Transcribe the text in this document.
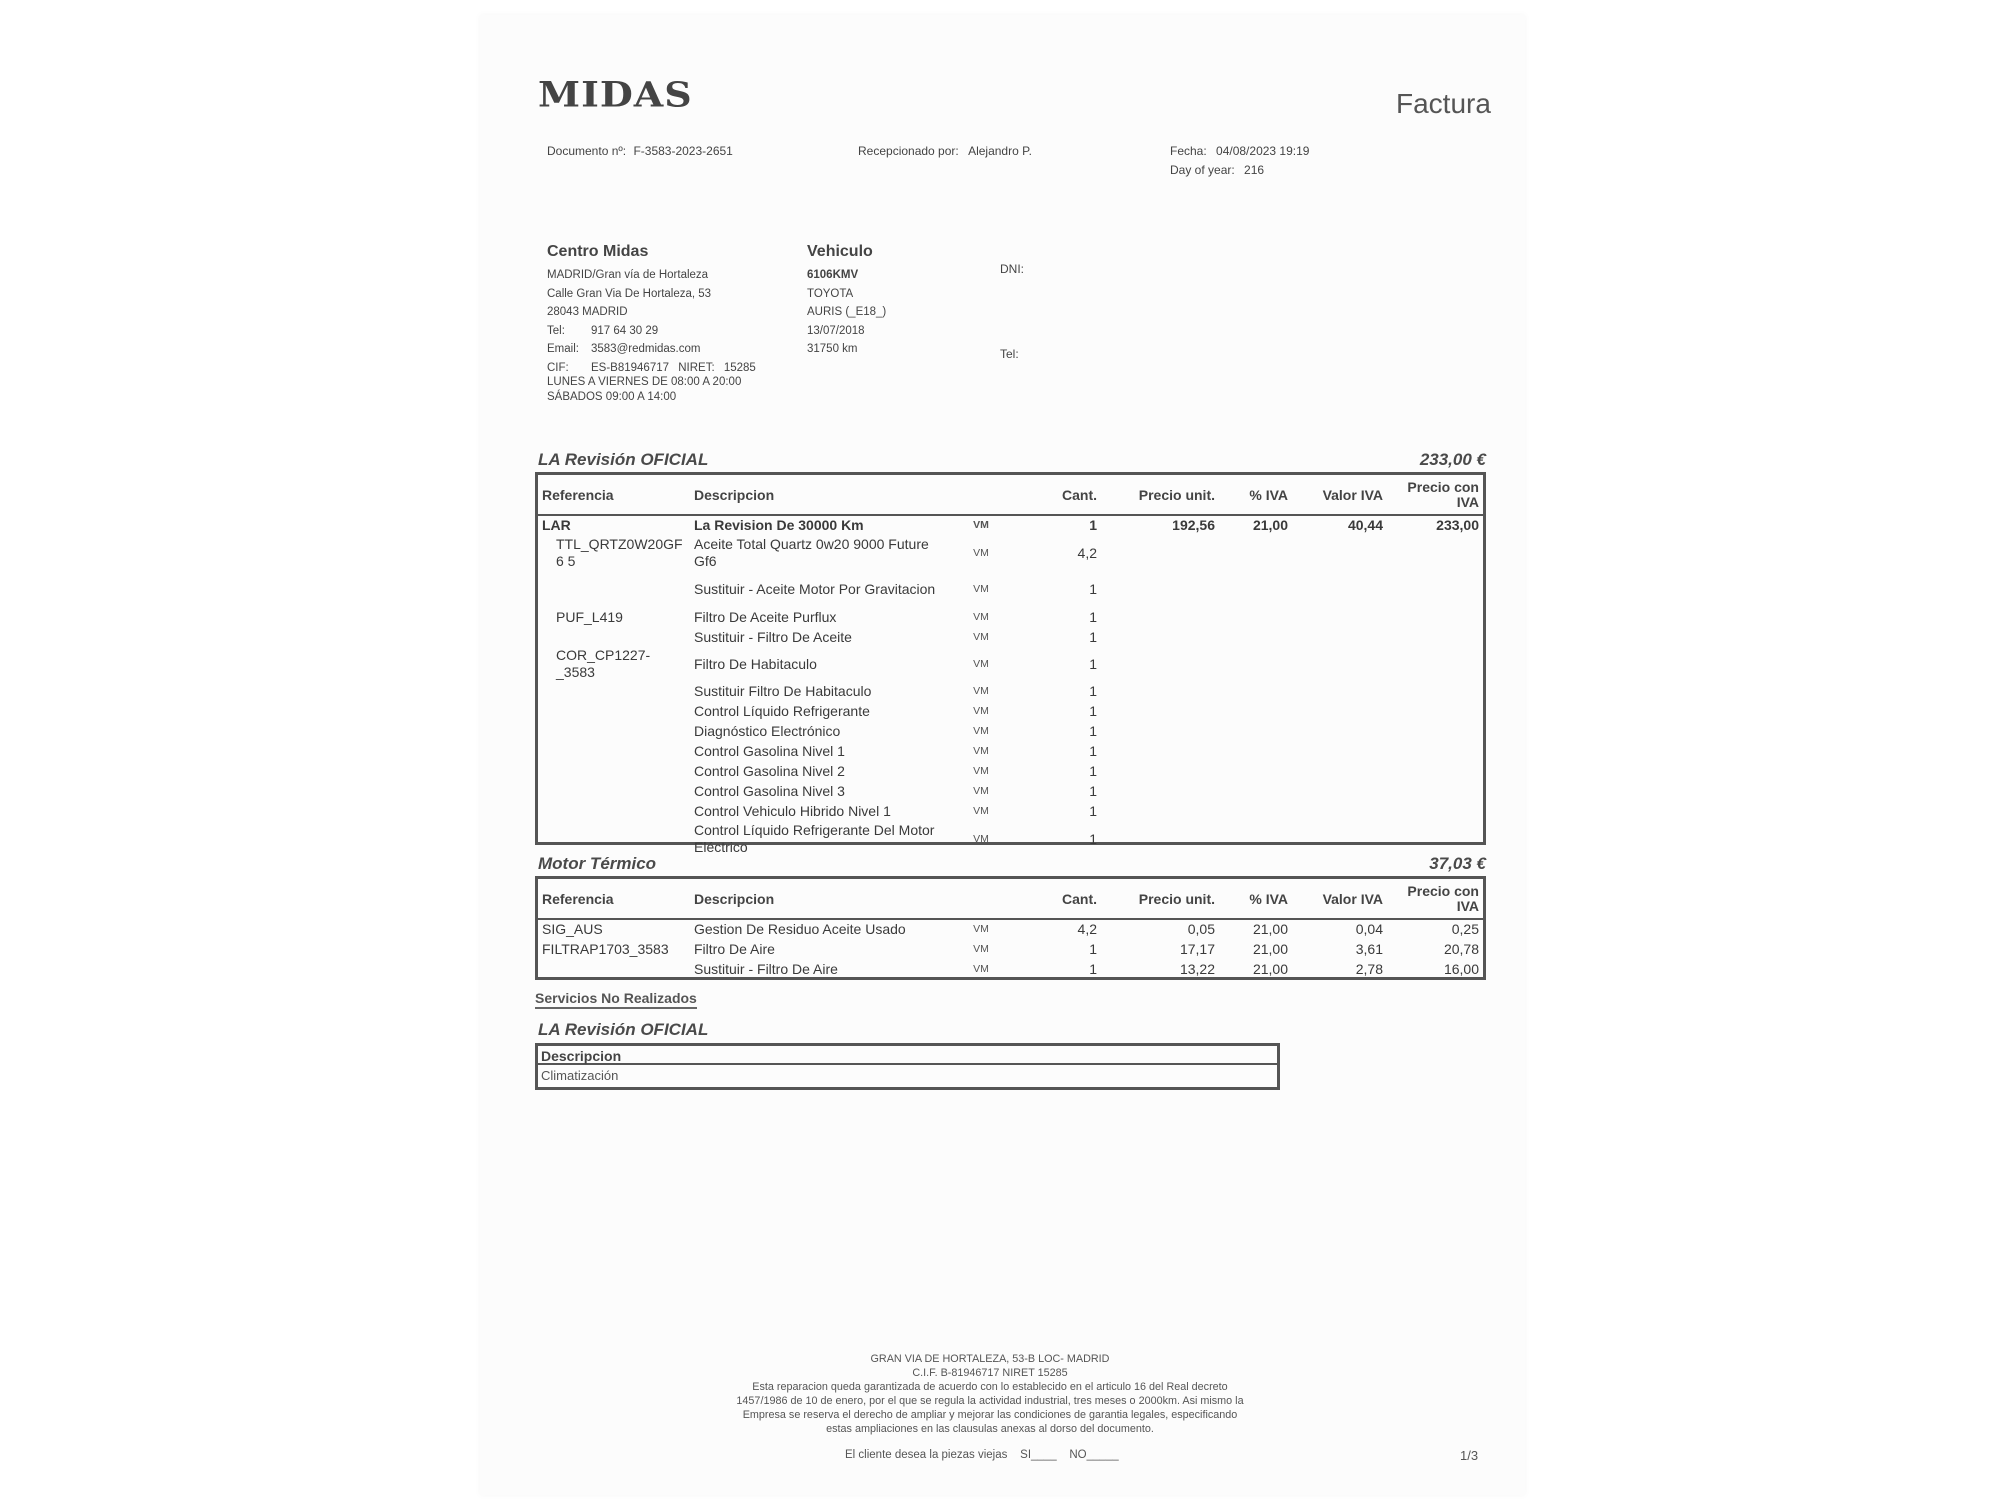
MIDAS	Factura
Documento nº: F-3583-2023-2651	Recepcionado por: Alejandro P.	Fecha: 04/08/2023 19:19
Day of year: 216
Centro Midas
MADRID/Gran vía de Hortaleza
Calle Gran Via De Hortaleza, 53
28043 MADRID
Tel: 917 64 30 29
Email: 3583@redmidas.com
CIF: ES-B81946717 NIRET: 15285
LUNES A VIERNES DE 08:00 A 20:00
SÁBADOS 09:00 A 14:00
Vehiculo
6106KMV
TOYOTA
AURIS (_E18_)
13/07/2018
31750 km
DNI:
Tel:
LA Revisión OFICIAL	233,00 €
Referencia	Descripcion		Cant.	Precio unit.	% IVA	Valor IVA	Precio con
IVA

LAR	La Revision De 30000 Km	VM	1	192,56	21,00	40,44	233,00
TTL_QRTZ0W20GF6 5	Aceite Total Quartz 0w20 9000 Future Gf6	VM	4,2				
	Sustituir - Aceite Motor Por Gravitacion	VM	1				
PUF_L419	Filtro De Aceite Purflux	VM	1				
	Sustituir - Filtro De Aceite	VM	1				
COR_CP1227-_3583	Filtro De Habitaculo	VM	1				
	Sustituir Filtro De Habitaculo	VM	1				
	Control Líquido Refrigerante	VM	1				
	Diagnóstico Electrónico	VM	1				
	Control Gasolina Nivel 1	VM	1				
	Control Gasolina Nivel 2	VM	1				
	Control Gasolina Nivel 3	VM	1				
	Control Vehiculo Hibrido Nivel 1	VM	1				
	Control Líquido Refrigerante Del Motor Eléctrico	VM	1				
Motor Térmico	37,03 €
Referencia	Descripcion		Cant.	Precio unit.	% IVA	Valor IVA	Precio con
IVA

SIG_AUS	Gestion De Residuo Aceite Usado	VM	4,2	0,05	21,00	0,04	0,25
FILTRAP1703_3583	Filtro De Aire	VM	1	17,17	21,00	3,61	20,78
	Sustituir - Filtro De Aire	VM	1	13,22	21,00	2,78	16,00
Servicios No Realizados
LA Revisión OFICIAL
Descripcion
Climatización
GRAN VIA DE HORTALEZA, 53-B LOC- MADRID
C.I.F. B-81946717 NIRET 15285
Esta reparacion queda garantizada de acuerdo con lo establecido en el articulo 16 del Real decreto
1457/1986 de 10 de enero, por el que se regula la actividad industrial, tres meses o 2000km. Asi mismo la
Empresa se reserva el derecho de ampliar y mejorar las condiciones de garantia legales, especificando
estas ampliaciones en las clausulas anexas al dorso del documento.
El cliente desea la piezas viejas    SI____    NO_____	1/3
